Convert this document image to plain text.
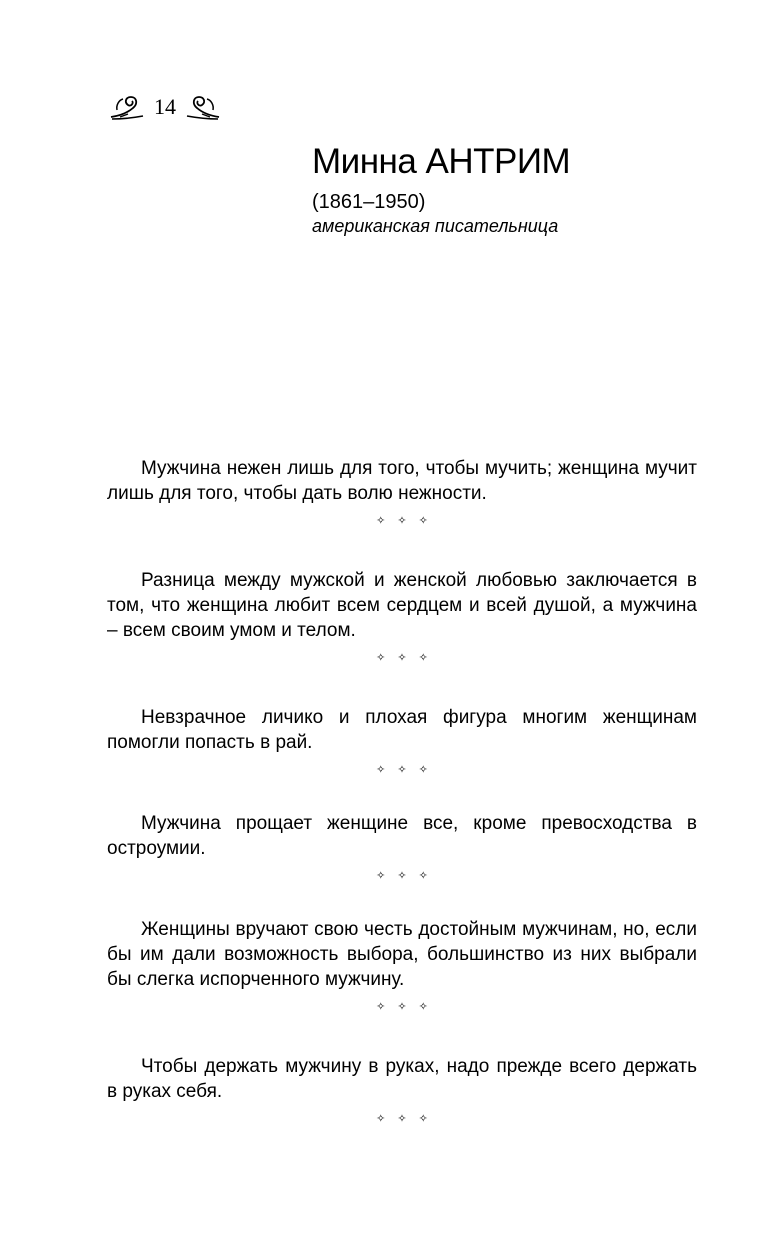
14
Минна АНТРИМ
(1861–1950)
американская писательница

Мужчина нежен лишь для того, чтобы мучить; женщина мучит лишь для того, чтобы дать волю нежности.

✧✧✧

Разница между мужской и женской любовью заключается в том, что женщина любит всем сердцем и всей душой, а мужчина – всем своим умом и телом.

✧✧✧

Невзрачное личико и плохая фигура многим женщинам помогли попасть в рай.

✧✧✧

Мужчина прощает женщине все, кроме превосходства в остроумии.

✧✧✧

Женщины вручают свою честь достойным мужчинам, но, если бы им дали возможность выбора, большинство из них выбрали бы слегка испорченного мужчину.

✧✧✧

Чтобы держать мужчину в руках, надо прежде всего держать в руках себя.

✧✧✧
